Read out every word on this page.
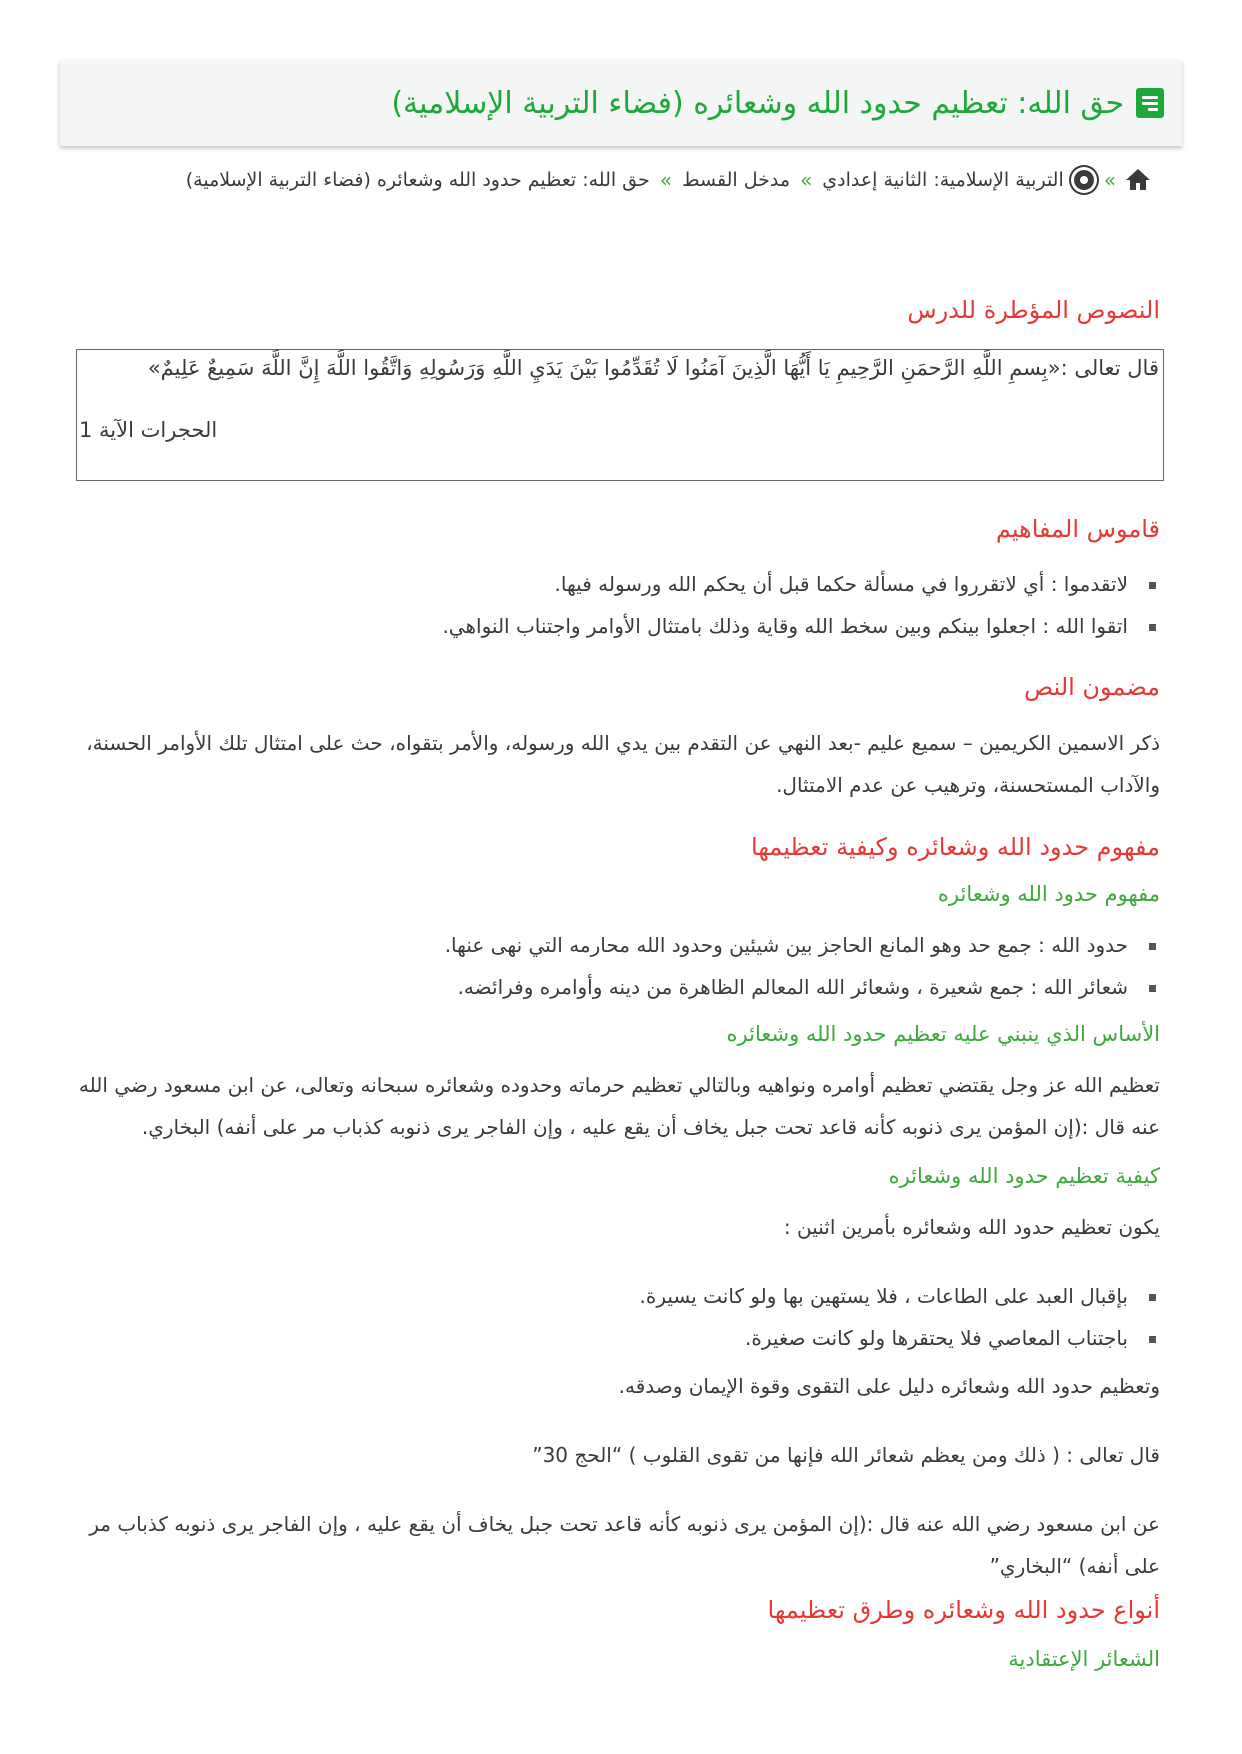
حق الله: تعظيم حدود الله وشعائره (فضاء التربية الإسلامية)
»
التربية الإسلامية: الثانية إعدادي
»
مدخل القسط
»
حق الله: تعظيم حدود الله وشعائره (فضاء التربية الإسلامية)
النصوص المؤطرة للدرس
قاموس المفاهيم
لاتقدموا : أي لاتقرروا في مسألة حكما قبل أن يحكم الله ورسوله فيها.
اتقوا الله : اجعلوا بينكم وبين سخط الله وقاية وذلك بامتثال الأوامر واجتناب النواهي.
مضمون النص

ذكر الاسمين الكريمين – سميع عليم -بعد النهي عن التقدم بين يدي الله ورسوله، والأمر بتقواه، حث على امتثال تلك الأوامر الحسنة، والآداب المستحسنة، وترهيب عن عدم الامتثال.

مفهوم حدود الله وشعائره وكيفية تعظيمها
مفهوم حدود الله وشعائره
حدود الله : جمع حد وهو المانع الحاجز بين شيئين وحدود الله محارمه التي نهى عنها.
شعائر الله : جمع شعيرة ، وشعائر الله المعالم الظاهرة من دينه وأوامره وفرائضه.
الأساس الذي ينبني عليه تعظيم حدود الله وشعائره

تعظيم الله عز وجل يقتضي تعظيم أوامره ونواهيه وبالتالي تعظيم حرماته وحدوده وشعائره سبحانه وتعالى، عن ابن مسعود رضي الله عنه قال :(إن المؤمن يرى ذنوبه كأنه قاعد تحت جبل يخاف أن يقع عليه ، وإن الفاجر يرى ذنوبه كذباب مر على أنفه) البخاري.

كيفية تعظيم حدود الله وشعائره

يكون تعظيم حدود الله وشعائره بأمرين اثنين :

بإقبال العبد على الطاعات ، فلا يستهين بها ولو كانت يسيرة.
باجتناب المعاصي فلا يحتقرها ولو كانت صغيرة.

وتعظيم حدود الله وشعائره دليل على التقوى وقوة الإيمان وصدقه.

قال تعالى : ( ذلك ومن يعظم شعائر الله فإنها من تقوى القلوب ) “الحج 30”

عن ابن مسعود رضي الله عنه قال :(إن المؤمن يرى ذنوبه كأنه قاعد تحت جبل يخاف أن يقع عليه ، وإن الفاجر يرى ذنوبه كذباب مر على أنفه) “البخاري”

أنواع حدود الله وشعائره وطرق تعظيمها
الشعائر الإعتقادية

قال تعالى :«بِسمِ اللَّهِ الرَّحمَنِ الرَّحِيمِ يَا أَيُّهَا الَّذِينَ آمَنُوا لَا تُقَدِّمُوا بَيْنَ يَدَيِ اللَّهِ وَرَسُولِهِ وَاتَّقُوا اللَّهَ إِنَّ اللَّهَ سَمِيعٌ عَلِيمٌ»

الحجرات الآية 1
